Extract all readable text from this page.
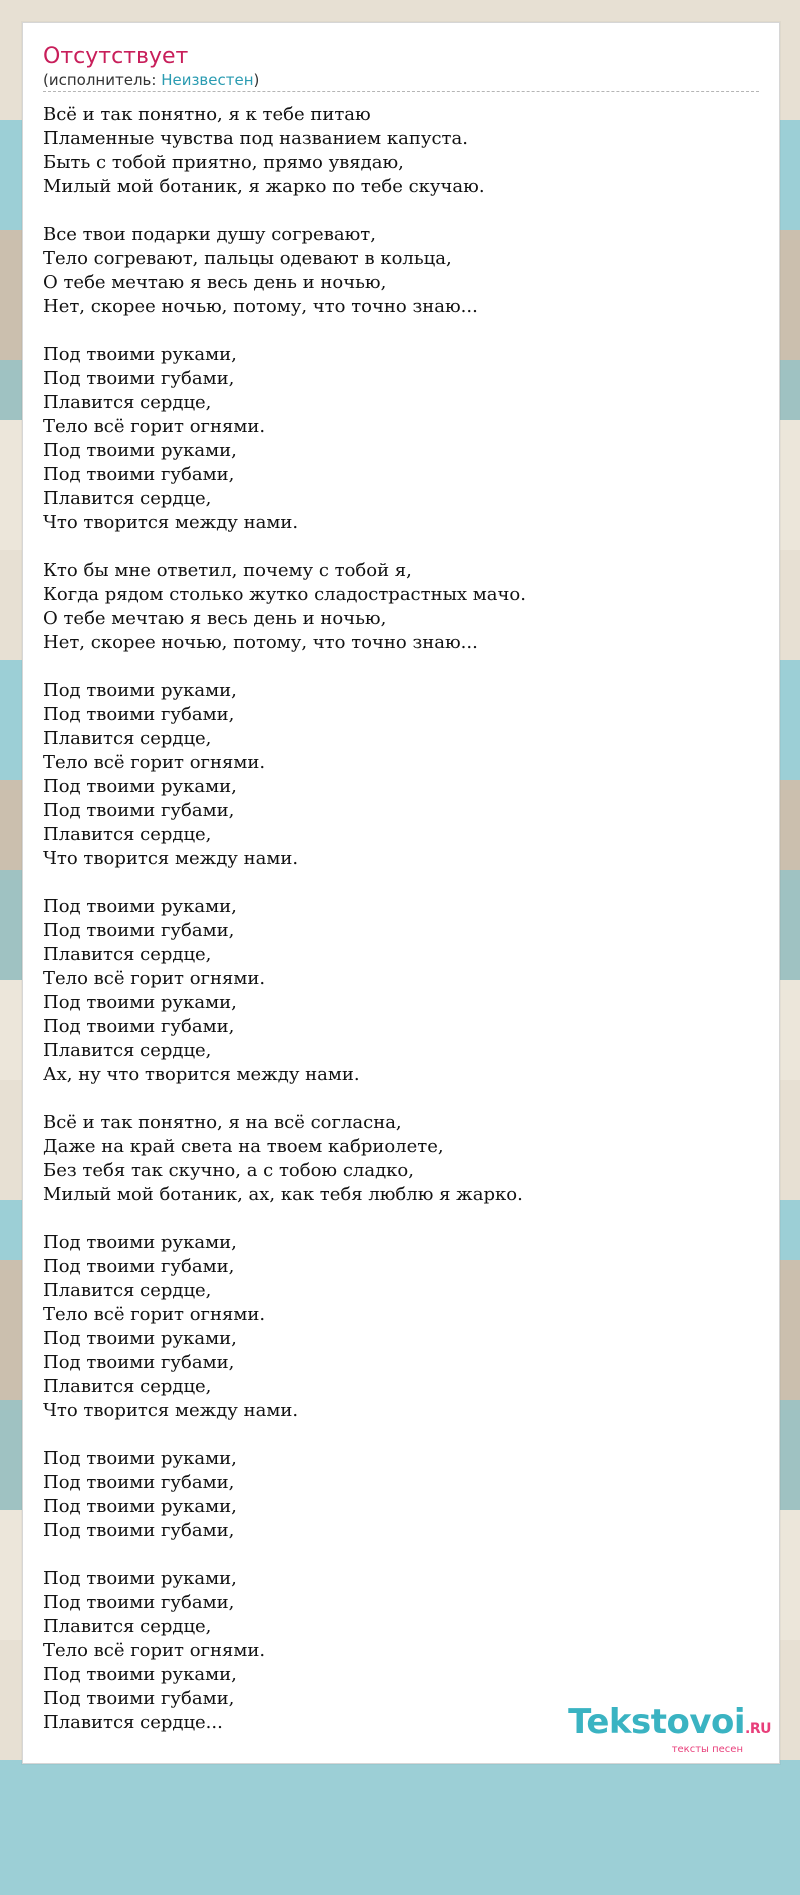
Отсутствует
(исполнитель: Неизвестен)
Всё и так понятно, я к тебе питаю
Пламенные чувства под названием капуста.
Быть с тобой приятно, прямо увядаю,
Милый мой ботаник, я жарко по тебе скучаю.
Все твои подарки душу согревают,
Тело согревают, пальцы одевают в кольца,
О тебе мечтаю я весь день и ночью,
Нет, скорее ночью, потому, что точно знаю...
Под твоими руками,
Под твоими губами,
Плавится сердце,
Тело всё горит огнями.
Под твоими руками,
Под твоими губами,
Плавится сердце,
Что творится между нами.
Кто бы мне ответил, почему с тобой я,
Когда рядом столько жутко сладострастных мачо.
О тебе мечтаю я весь день и ночью,
Нет, скорее ночью, потому, что точно знаю...
Под твоими руками,
Под твоими губами,
Плавится сердце,
Тело всё горит огнями.
Под твоими руками,
Под твоими губами,
Плавится сердце,
Что творится между нами.
Под твоими руками,
Под твоими губами,
Плавится сердце,
Тело всё горит огнями.
Под твоими руками,
Под твоими губами,
Плавится сердце,
Ах, ну что творится между нами.
Всё и так понятно, я на всё согласна,
Даже на край света на твоем кабриолете,
Без тебя так скучно, а с тобою сладко,
Милый мой ботаник, ах, как тебя люблю я жарко.
Под твоими руками,
Под твоими губами,
Плавится сердце,
Тело всё горит огнями.
Под твоими руками,
Под твоими губами,
Плавится сердце,
Что творится между нами.
Под твоими руками,
Под твоими губами,
Под твоими руками,
Под твоими губами,
Под твоими руками,
Под твоими губами,
Плавится сердце,
Тело всё горит огнями.
Под твоими руками,
Под твоими губами,
Плавится сердце...	Tekstovoi.RU
тексты песен
